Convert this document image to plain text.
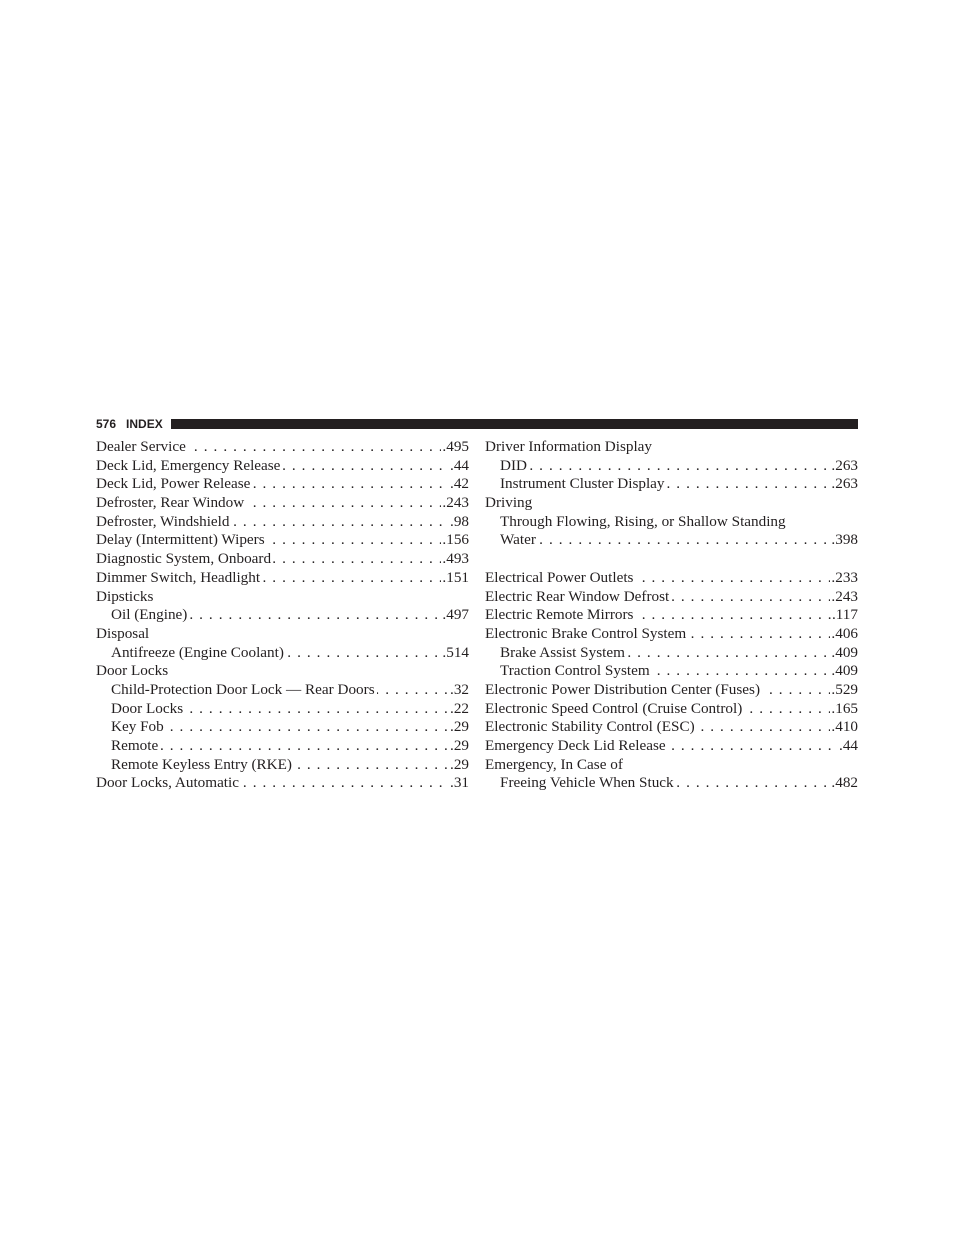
576 INDEX
. . . Dealer Service	.495
. . . Deck Lid, Emergency Release	.44
. . . Deck Lid, Power Release	.42
. . . Defroster, Rear Window	.243
. . . Defroster, Windshield	.98
. . . Delay (Intermittent) Wipers	.156
. . . Diagnostic System, Onboard	.493
. . . Dimmer Switch, Headlight	.151
Dipsticks
. . . Oil (Engine)	.497
Disposal
. . . Antifreeze (Engine Coolant)	.514
Door Locks
. . . Child-Protection Door Lock — Rear Doors	.32
. . . Door Locks	.22
. . . Key Fob	.29
. . . Remote	.29
. . . Remote Keyless Entry (RKE)	.29
. . . Door Locks, Automatic	.31
Driver Information Display
. . . DID	.263
. . . Instrument Cluster Display	.263
Driving
Through Flowing, Rising, or Shallow Standing
. . . Water	.398
. . . Electrical Power Outlets	.233
. . . Electric Rear Window Defrost	.243
. . . Electric Remote Mirrors	.117
. . . Electronic Brake Control System	.406
. . . Brake Assist System	.409
. . . Traction Control System	.409
. . . Electronic Power Distribution Center (Fuses)	.529
. . . Electronic Speed Control (Cruise Control)	.165
. . . Electronic Stability Control (ESC)	.410
. . . Emergency Deck Lid Release	.44
Emergency, In Case of
. . . Freeing Vehicle When Stuck	.482
